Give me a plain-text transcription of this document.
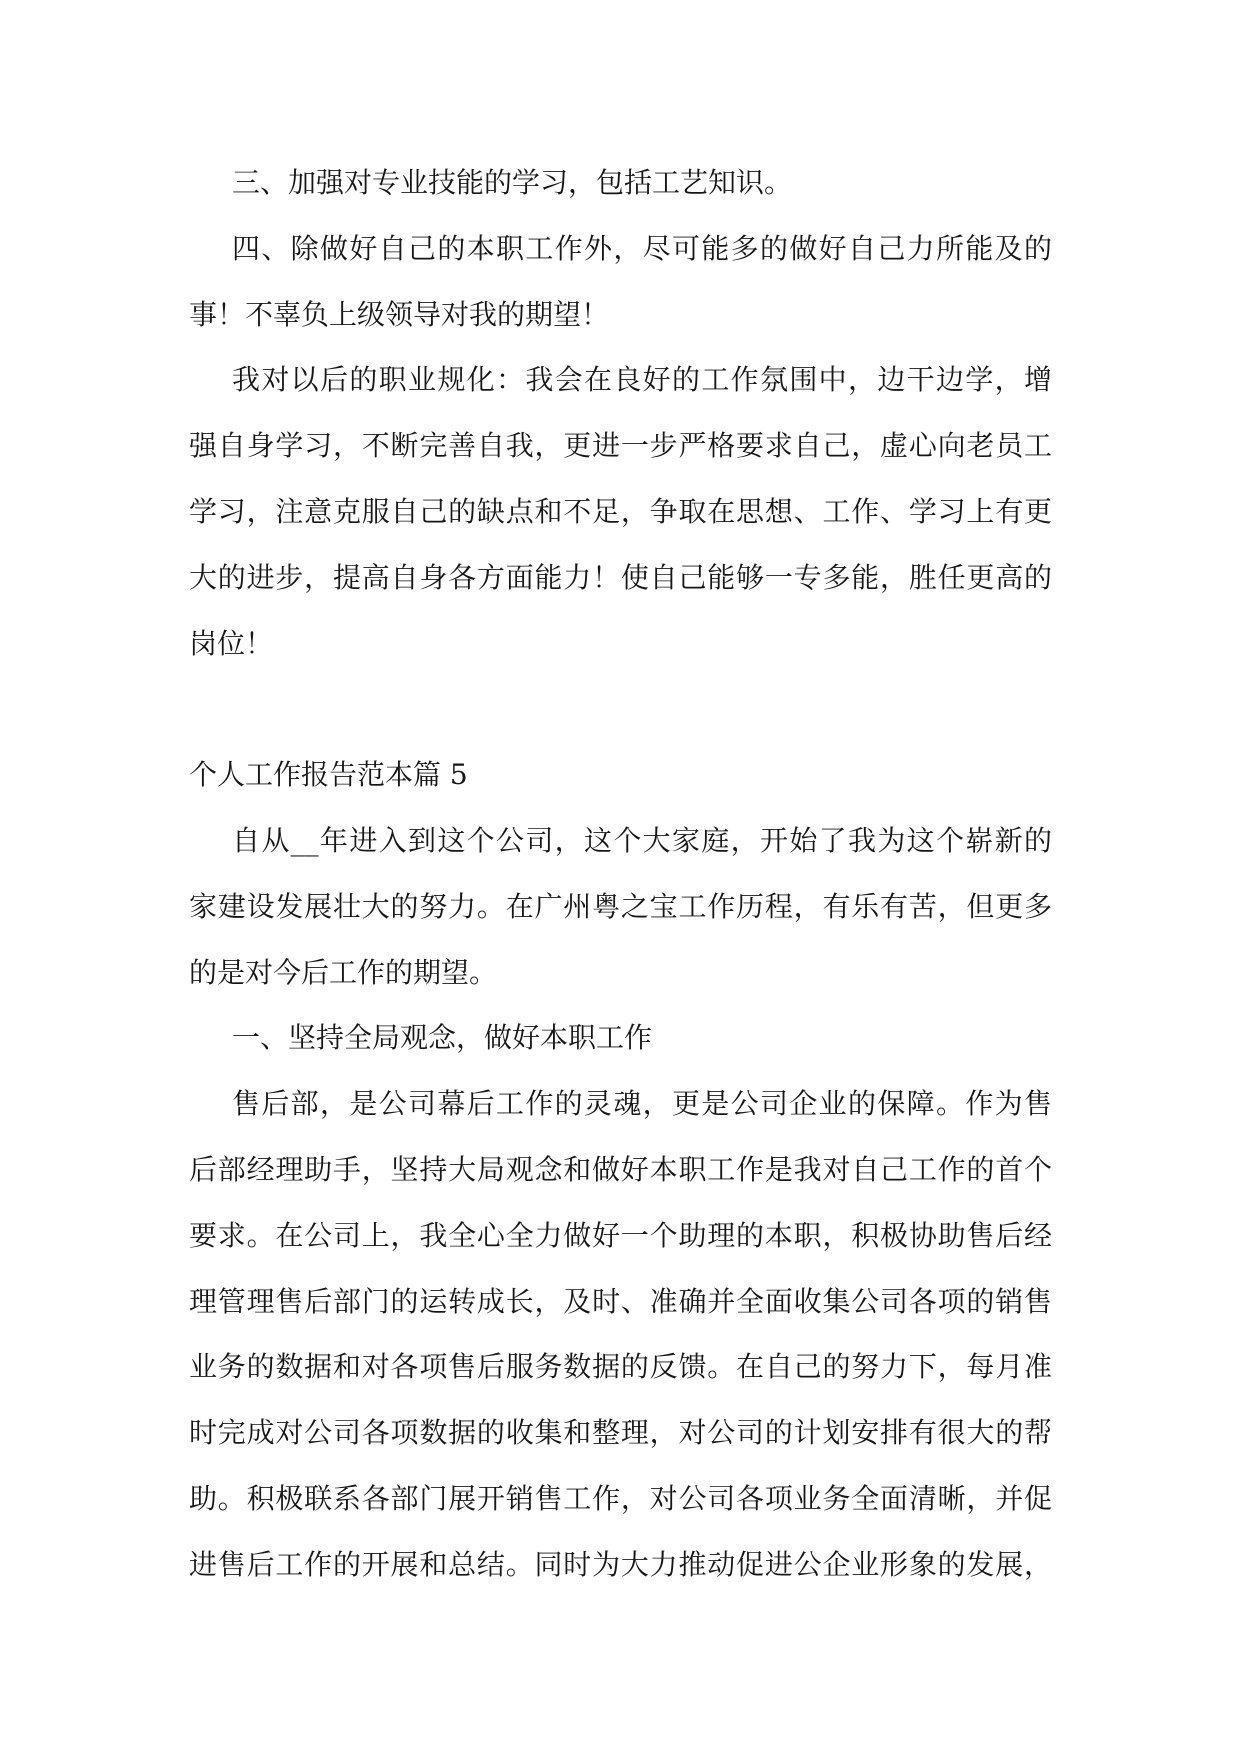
三、加强对专业技能的学习，包括工艺知识。
四、除做好自己的本职工作外，尽可能多的做好自己力所能及的
事！不辜负上级领导对我的期望！
我对以后的职业规化：我会在良好的工作氛围中，边干边学，增
强自身学习，不断完善自我，更进一步严格要求自己，虚心向老员工
学习，注意克服自己的缺点和不足，争取在思想、工作、学习上有更
大的进步，提高自身各方面能力！使自己能够一专多能，胜任更高的
岗位！
个人工作报告范本篇 5
自从__年进入到这个公司，这个大家庭，开始了我为这个崭新的
家建设发展壮大的努力。在广州粤之宝工作历程，有乐有苦，但更多
的是对今后工作的期望。
一、坚持全局观念，做好本职工作
售后部，是公司幕后工作的灵魂，更是公司企业的保障。作为售
后部经理助手，坚持大局观念和做好本职工作是我对自己工作的首个
要求。在公司上，我全心全力做好一个助理的本职，积极协助售后经
理管理售后部门的运转成长，及时、准确并全面收集公司各项的销售
业务的数据和对各项售后服务数据的反馈。在自己的努力下，每月准
时完成对公司各项数据的收集和整理，对公司的计划安排有很大的帮
助。积极联系各部门展开销售工作，对公司各项业务全面清晰，并促
进售后工作的开展和总结。同时为大力推动促进公企业形象的发展，
